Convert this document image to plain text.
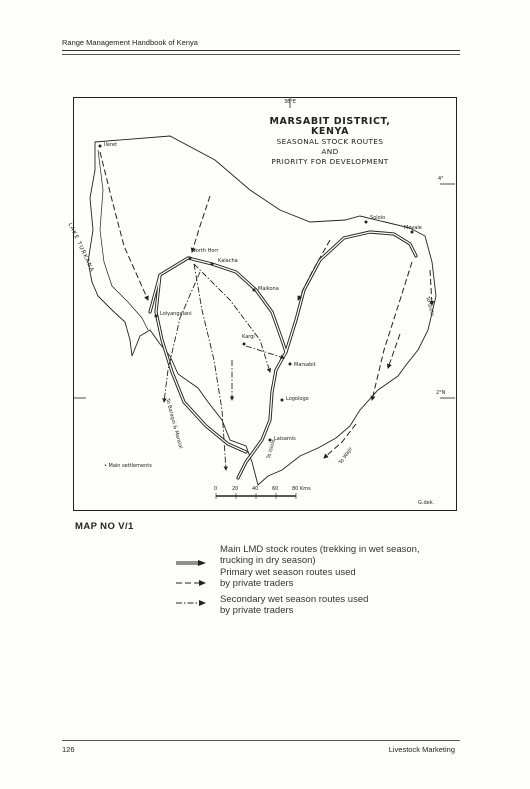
Range Management Handbook of Kenya
MARSABIT DISTRICT, KENYA
SEASONAL STOCK ROUTES
AND
PRIORITY FOR DEVELOPMENT
38°E
4°
2°N
LAKE TURKANA
Ileret
North Horr
Kalacha
Maikona
Loiyangalani
Kargi
Marsabit
Logologo
Laisamis
Sololo
Moyale
To Baragoi & Maralal	To Isiolo	To Wajir
To Isiolo
• Main settlements
0	20	40	60	80 Kms
G.dek.
MAP NO V/1
Main LMD stock routes (trekking in wet season,
trucking in dry season)
Primary wet season routes used
by private traders
Secondary wet season routes used
by private traders
126	Livestock Marketing
